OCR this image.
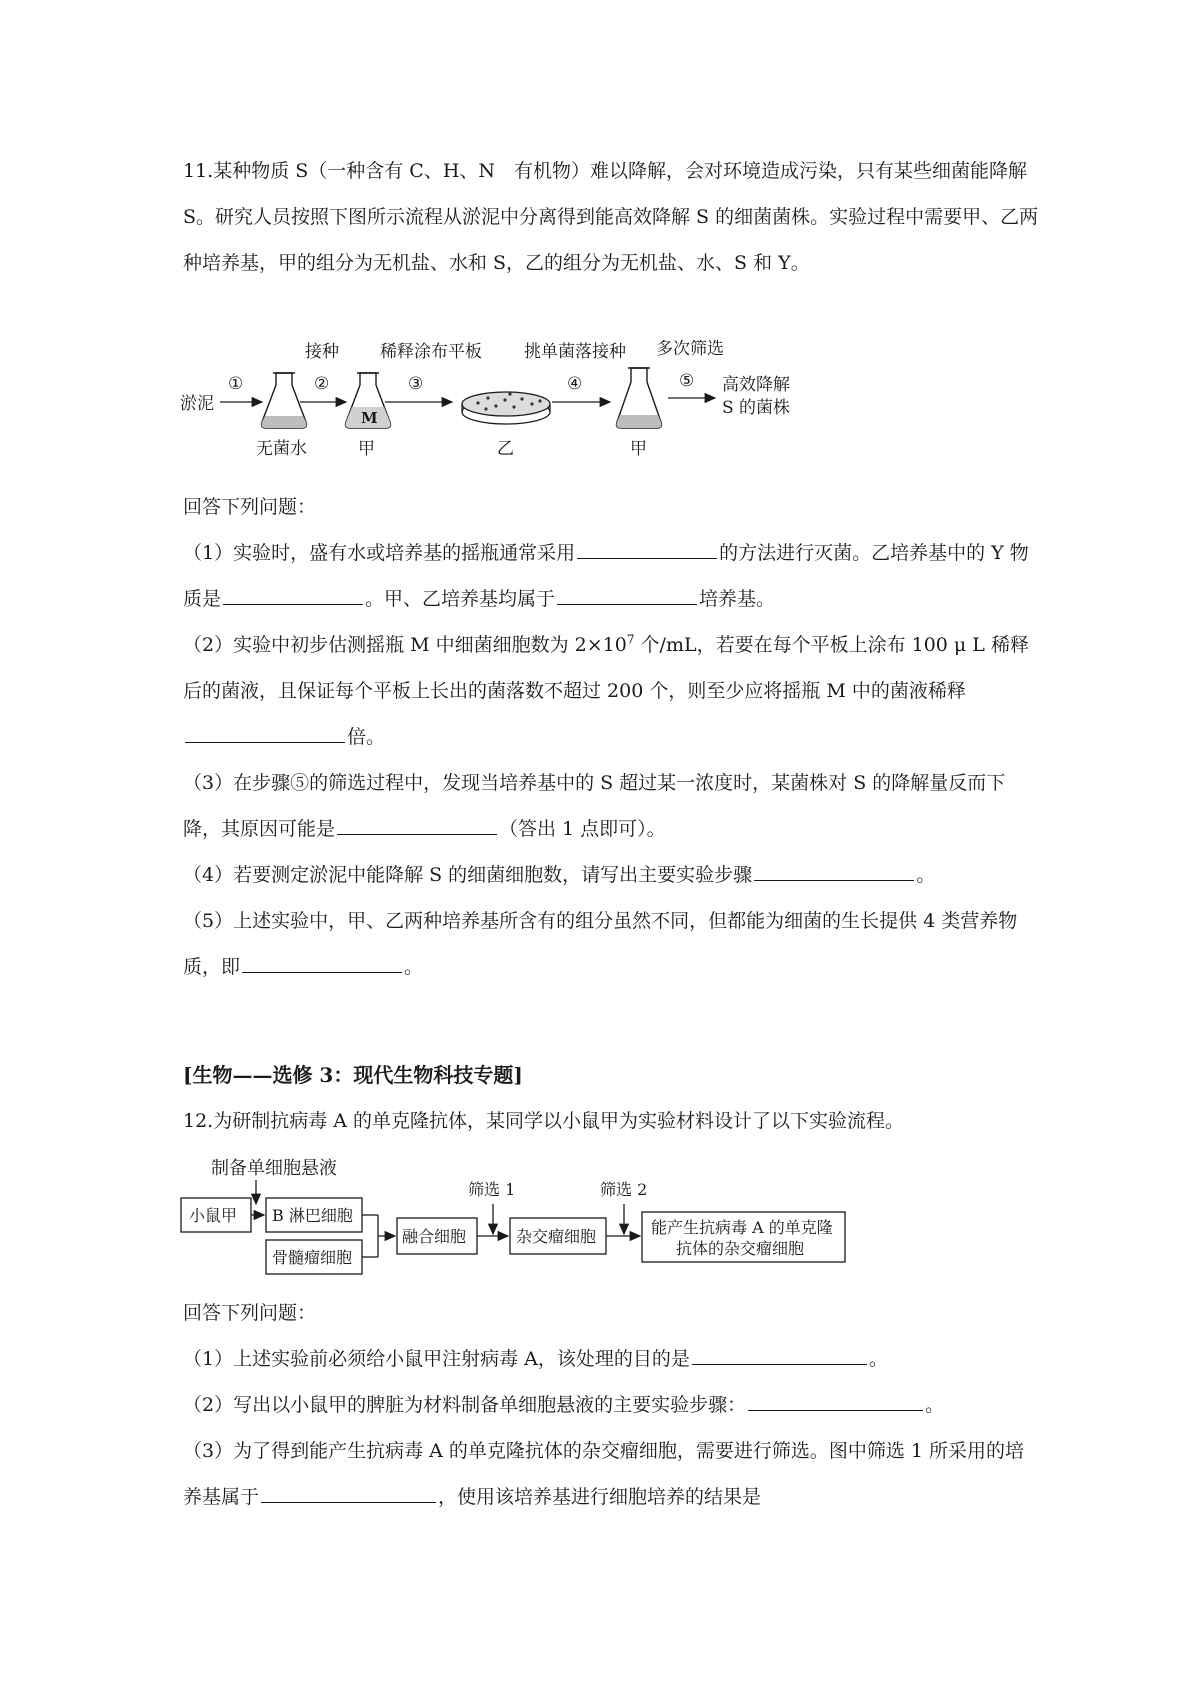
11.某种物质 S（一种含有 C、H、N　有机物）难以降解，会对环境造成污染，只有某些细菌能降解 S。研究人员按照下图所示流程从淤泥中分离得到能高效降解 S 的细菌菌株。实验过程中需要甲、乙两种培养基，甲的组分为无机盐、水和 S，乙的组分为无机盐、水、S 和 Y。

淤泥
①
无菌水
接种
②
M
甲
稀释涂布平板
③
乙
挑单菌落接种
④
甲
多次筛选
⑤ 高效降解
S 的菌株

回答下列问题：

（1）实验时，盛有水或培养基的摇瓶通常采用	的方法进行灭菌。乙培养基中的 Y 物质是	。甲、乙培养基均属于	培养基。

（2）实验中初步估测摇瓶 M 中细菌细胞数为 $2\times 10^7$ 个/mL，若要在每个平板上涂布 100 μ L 稀释后的菌液，且保证每个平板上长出的菌落数不超过 200 个，则至少应将摇瓶 M 中的菌液稀释倍。

（3）在步骤⑤的筛选过程中，发现当培养基中的 S 超过某一浓度时，某菌株对 S 的降解量反而下降，其原因可能是	（答出 1 点即可）。

（4）若要测定淤泥中能降解 S 的细菌细胞数，请写出主要实验步骤	。

（5）上述实验中，甲、乙两种培养基所含有的组分虽然不同，但都能为细菌的生长提供 4 类营养物质，即	。

[生物——选修 3：现代生物科技专题]

12.为研制抗病毒 A 的单克隆抗体，某同学以小鼠甲为实验材料设计了以下实验流程。

制备单细胞悬液
小鼠甲 B 淋巴细胞
骨髓瘤细胞
融合细胞
筛选 1
杂交瘤细胞
筛选 2
能产生抗病毒 A 的单克隆
抗体的杂交瘤细胞

回答下列问题：

（1）上述实验前必须给小鼠甲注射病毒 A，该处理的目的是	。

（2）写出以小鼠甲的脾脏为材料制备单细胞悬液的主要实验步骤：	。

（3）为了得到能产生抗病毒 A 的单克隆抗体的杂交瘤细胞，需要进行筛选。图中筛选 1 所采用的培养基属于	，使用该培养基进行细胞培养的结果是
